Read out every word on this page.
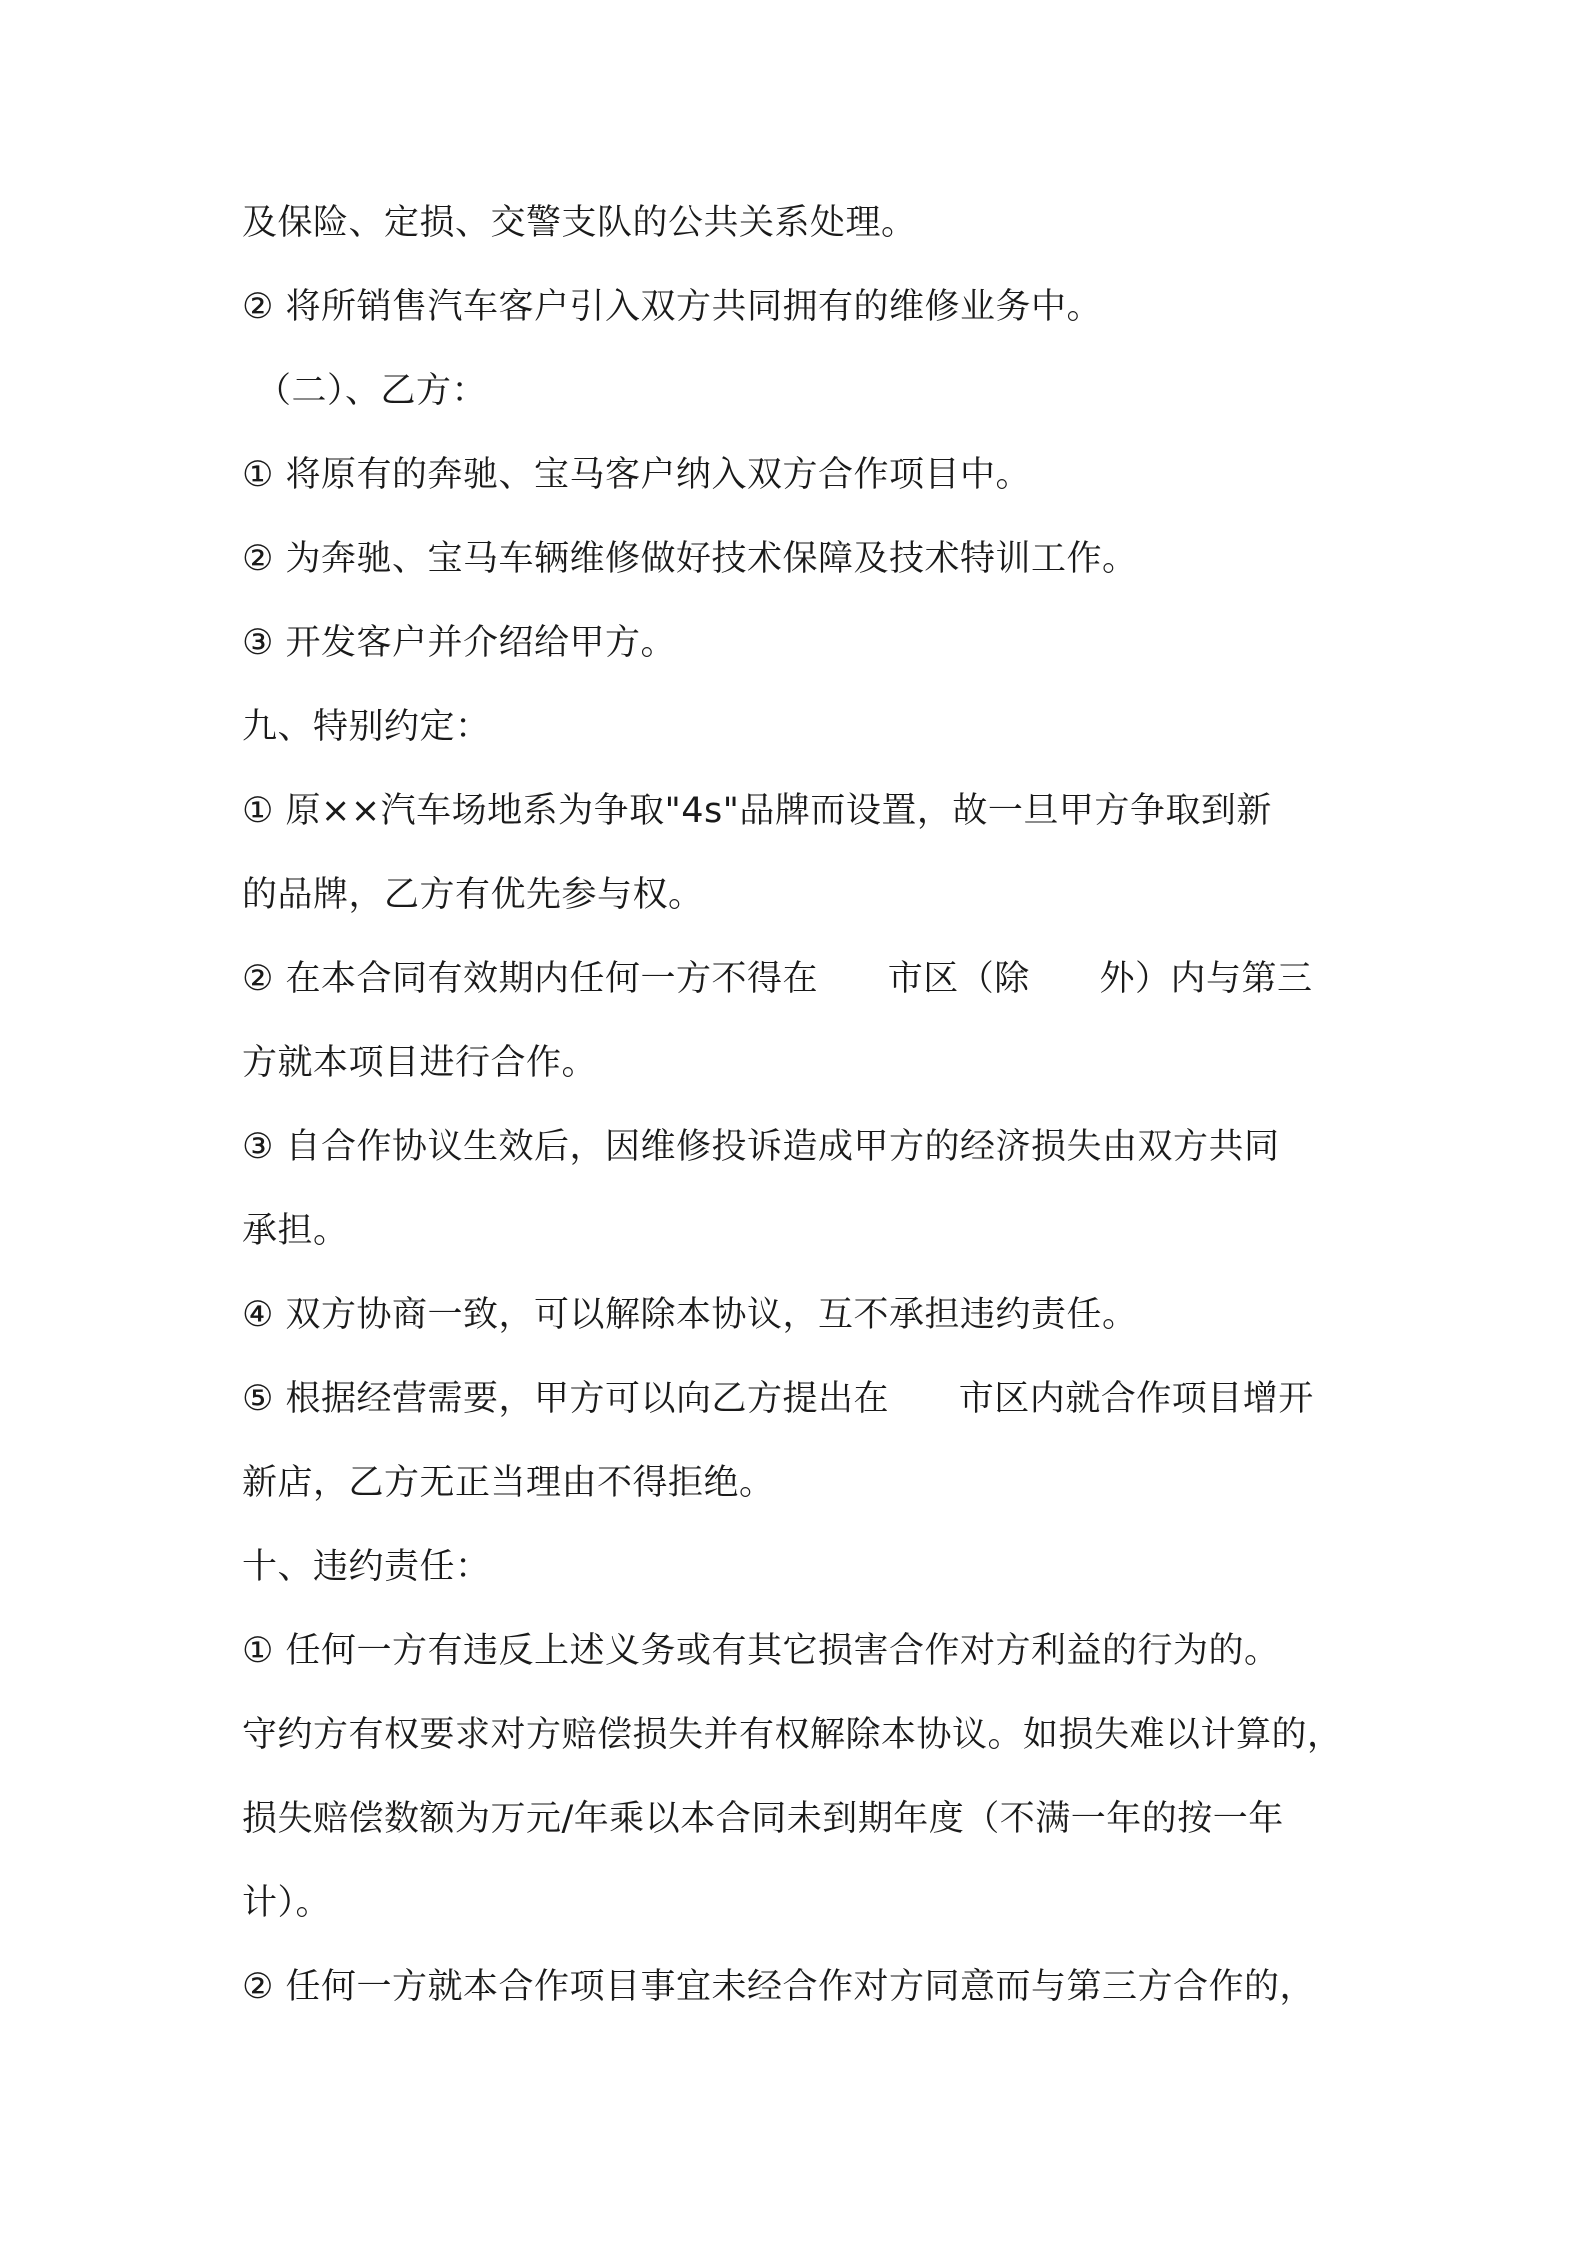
及保险、定损、交警支队的公共关系处理。
② 将所销售汽车客户引入双方共同拥有的维修业务中。
（二）、乙方：
① 将原有的奔驰、宝马客户纳入双方合作项目中。
② 为奔驰、宝马车辆维修做好技术保障及技术特训工作。
③ 开发客户并介绍给甲方。
九、特别约定：
① 原××汽车场地系为争取"4s"品牌而设置，故一旦甲方争取到新
的品牌，乙方有优先参与权。
② 在本合同有效期内任何一方不得在      市区（除      外）内与第三
方就本项目进行合作。
③ 自合作协议生效后，因维修投诉造成甲方的经济损失由双方共同
承担。
④ 双方协商一致，可以解除本协议，互不承担违约责任。
⑤ 根据经营需要，甲方可以向乙方提出在      市区内就合作项目增开
新店，乙方无正当理由不得拒绝。
十、违约责任：
① 任何一方有违反上述义务或有其它损害合作对方利益的行为的。
守约方有权要求对方赔偿损失并有权解除本协议。如损失难以计算的，
损失赔偿数额为万元/年乘以本合同未到期年度（不满一年的按一年
计）。
② 任何一方就本合作项目事宜未经合作对方同意而与第三方合作的，
